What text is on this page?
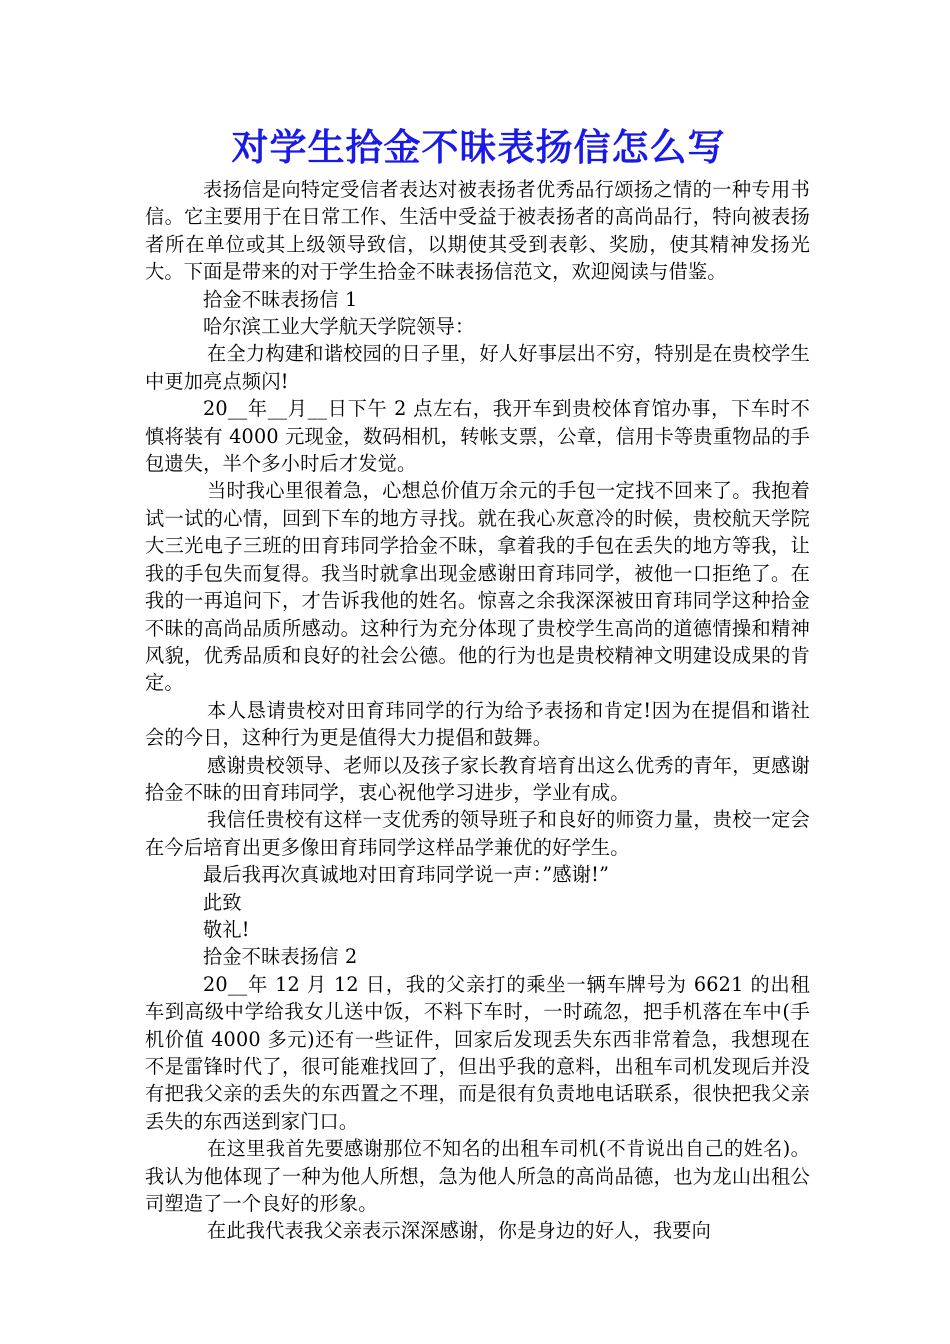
对学生拾金不昧表扬信怎么写

表扬信是向特定受信者表达对被表扬者优秀品行颂扬之情的一种专用书信。它主要用于在日常工作、生活中受益于被表扬者的高尚品行，特向被表扬者所在单位或其上级领导致信，以期使其受到表彰、奖励，使其精神发扬光大。下面是带来的对于学生拾金不昧表扬信范文，欢迎阅读与借鉴。

拾金不昧表扬信 1

哈尔滨工业大学航天学院领导：

在全力构建和谐校园的日子里，好人好事层出不穷，特别是在贵校学生中更加亮点频闪!

20__年__月__日下午 2 点左右，我开车到贵校体育馆办事，下车时不慎将装有 4000 元现金，数码相机，转帐支票，公章，信用卡等贵重物品的手包遗失，半个多小时后才发觉。

当时我心里很着急，心想总价值万余元的手包一定找不回来了。我抱着试一试的心情，回到下车的地方寻找。就在我心灰意冷的时候，贵校航天学院大三光电子三班的田育玮同学拾金不昧，拿着我的手包在丢失的地方等我，让我的手包失而复得。我当时就拿出现金感谢田育玮同学，被他一口拒绝了。在我的一再追问下，才告诉我他的姓名。惊喜之余我深深被田育玮同学这种拾金不昧的高尚品质所感动。这种行为充分体现了贵校学生高尚的道德情操和精神风貌，优秀品质和良好的社会公德。他的行为也是贵校精神文明建设成果的肯定。

本人恳请贵校对田育玮同学的行为给予表扬和肯定!因为在提倡和谐社会的今日，这种行为更是值得大力提倡和鼓舞。

感谢贵校领导、老师以及孩子家长教育培育出这么优秀的青年，更感谢拾金不昧的田育玮同学，衷心祝他学习进步，学业有成。

我信任贵校有这样一支优秀的领导班子和良好的师资力量，贵校一定会在今后培育出更多像田育玮同学这样品学兼优的好学生。

最后我再次真诚地对田育玮同学说一声：”感谢!”

此致

敬礼!

拾金不昧表扬信 2

20__年 12 月 12 日，我的父亲打的乘坐一辆车牌号为 6621 的出租车到高级中学给我女儿送中饭，不料下车时，一时疏忽，把手机落在车中(手机价值 4000 多元)还有一些证件，回家后发现丢失东西非常着急，我想现在不是雷锋时代了，很可能难找回了，但出乎我的意料，出租车司机发现后并没有把我父亲的丢失的东西置之不理，而是很有负责地电话联系，很快把我父亲丢失的东西送到家门口。

在这里我首先要感谢那位不知名的出租车司机(不肯说出自己的姓名)。我认为他体现了一种为他人所想，急为他人所急的高尚品德，也为龙山出租公司塑造了一个良好的形象。

在此我代表我父亲表示深深感谢，你是身边的好人，我要向
